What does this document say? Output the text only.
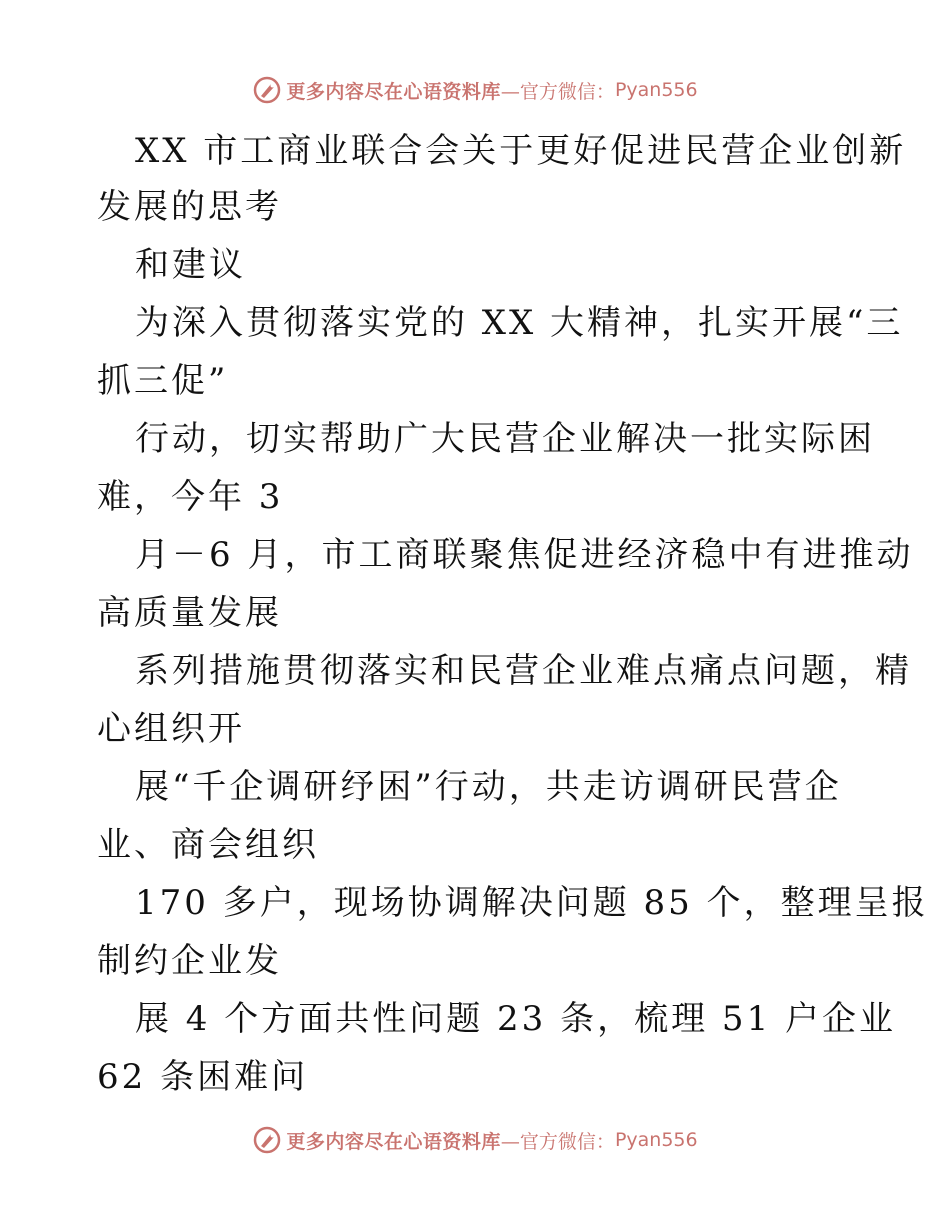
更多内容尽在心语资料库 —官方微信： Pyan556
XX 市工商业联合会关于更好促进民营企业创新
发展的思考
和建议
为深入贯彻落实党的 XX 大精神，扎实开展“三
抓三促”
行动，切实帮助广大民营企业解决一批实际困
难，今年 3
月－6 月，市工商联聚焦促进经济稳中有进推动
高质量发展
系列措施贯彻落实和民营企业难点痛点问题，精
心组织开
展“千企调研纾困”行动，共走访调研民营企
业、商会组织
170 多户，现场协调解决问题 85 个，整理呈报
制约企业发
展 4 个方面共性问题 23 条，梳理 51 户企业
62 条困难问
更多内容尽在心语资料库 —官方微信： Pyan556
